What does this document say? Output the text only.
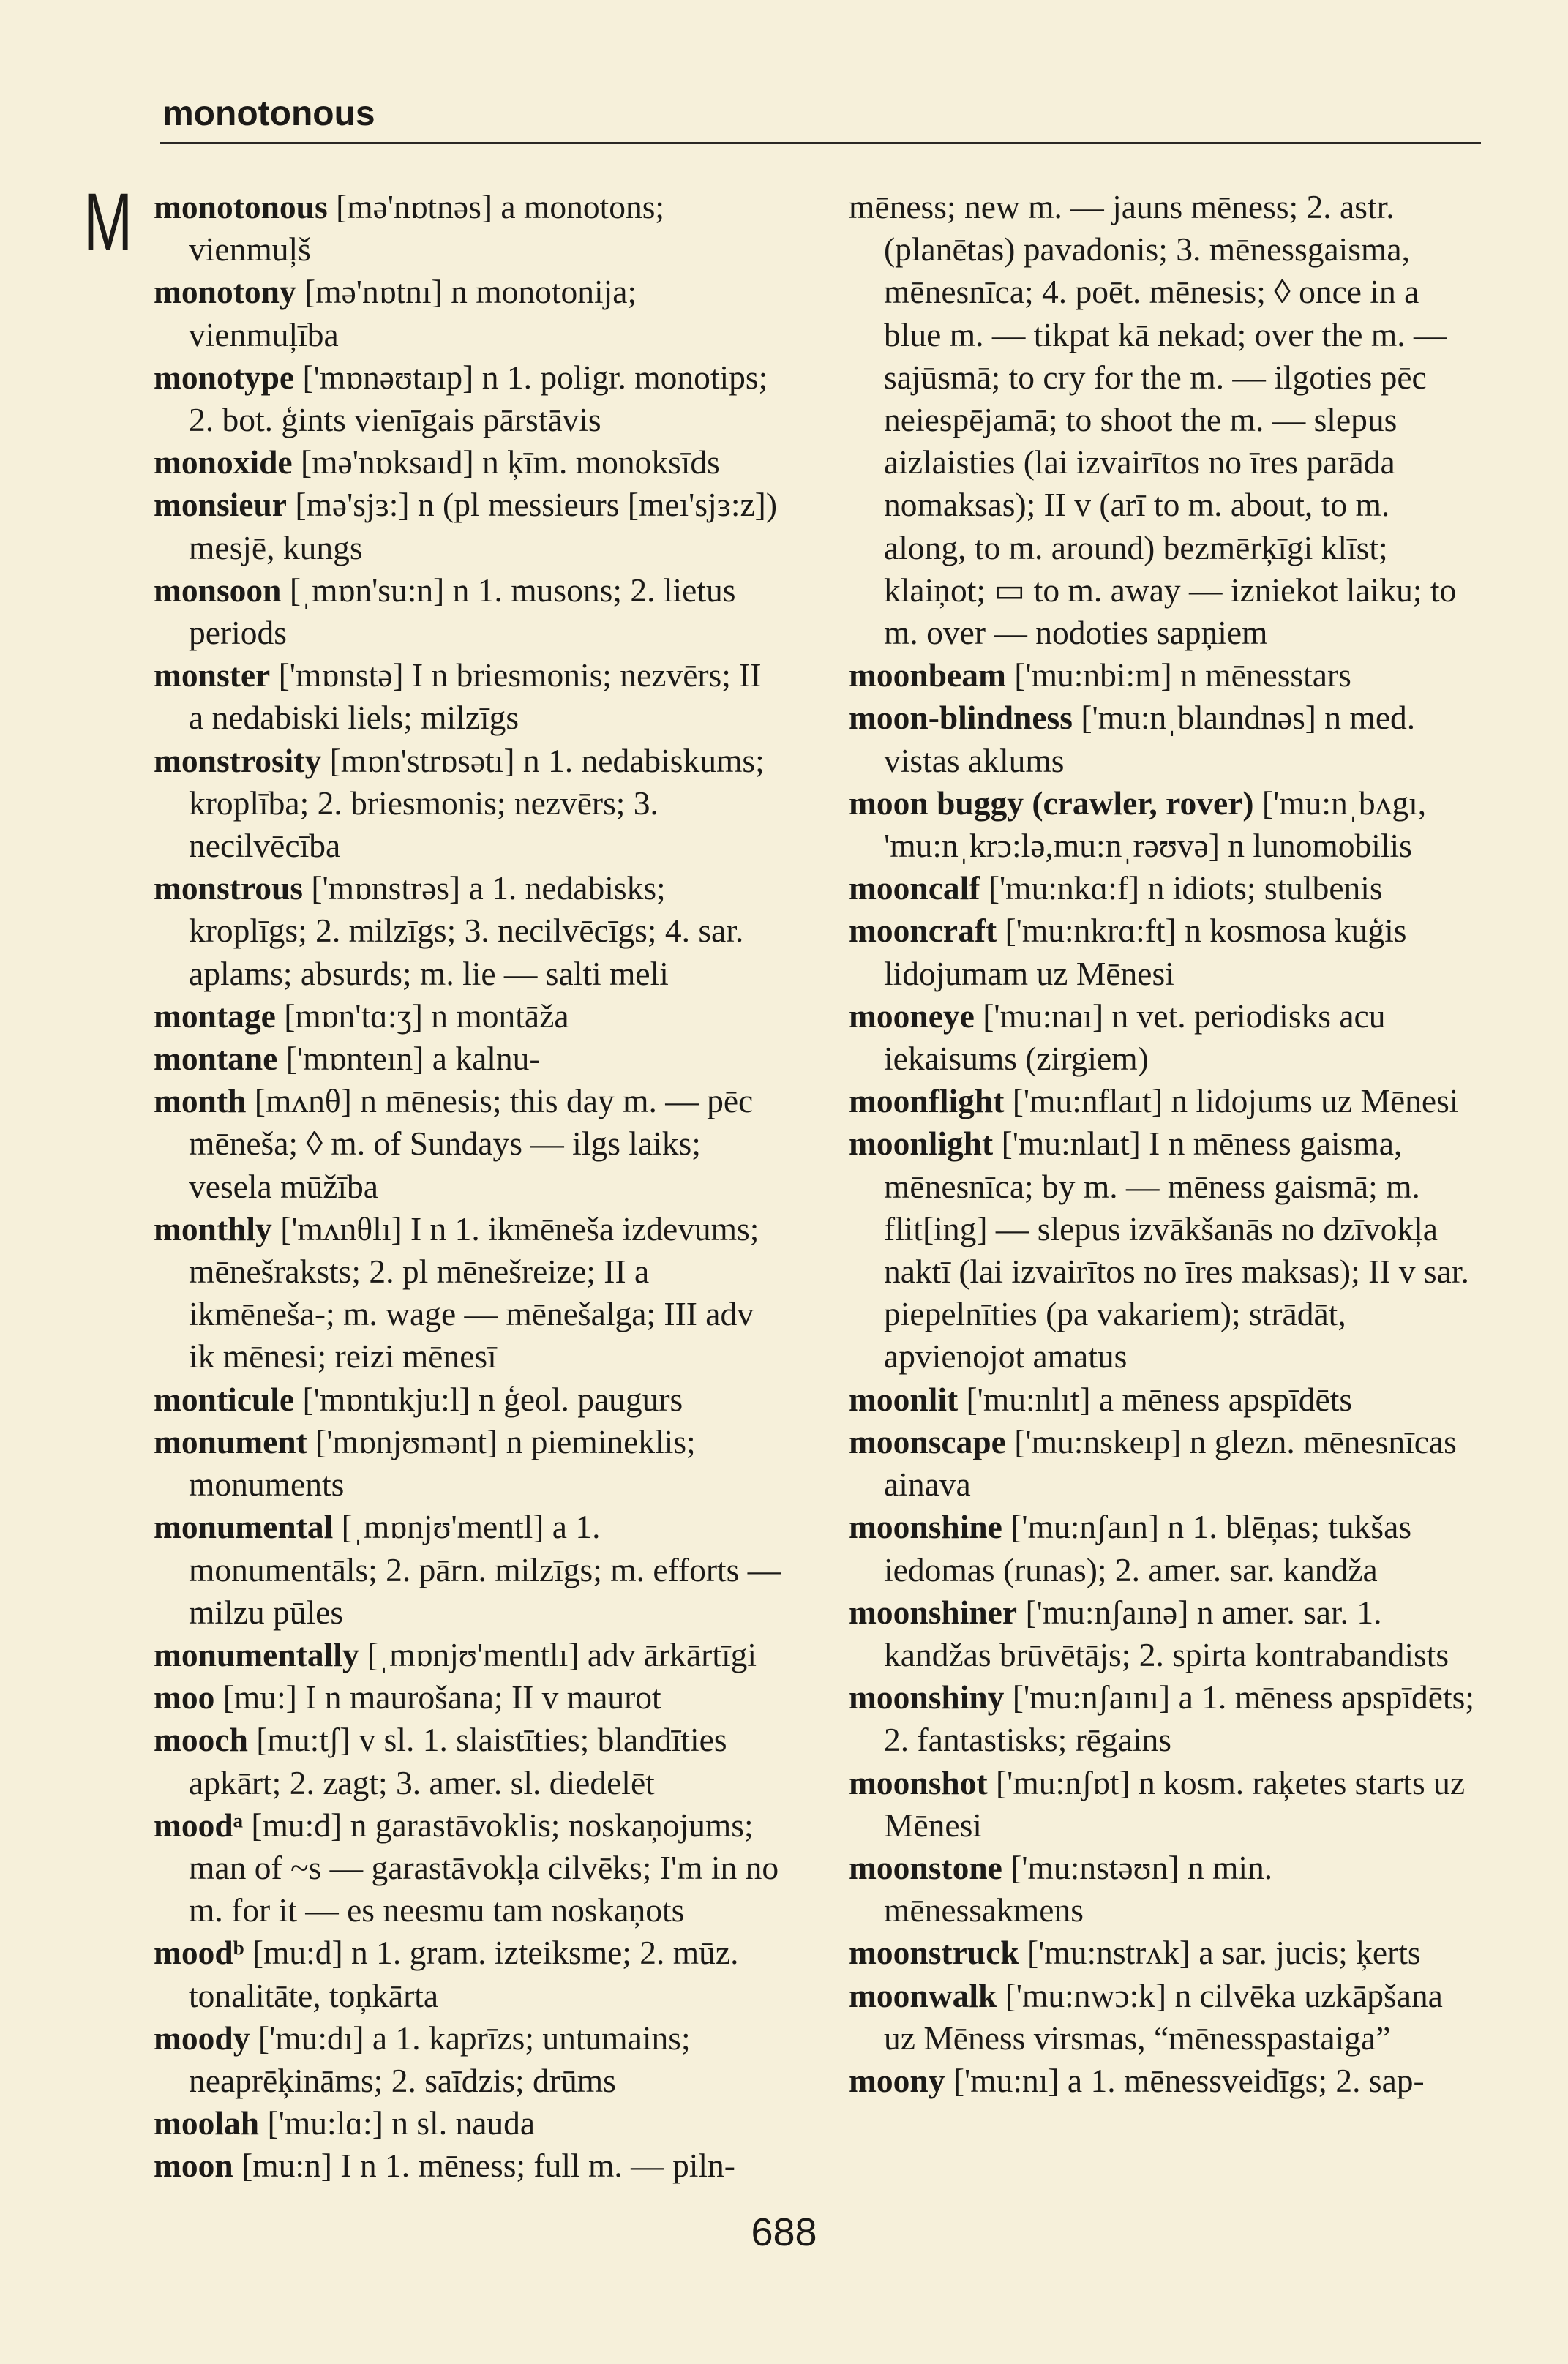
monotonous
M monotonous [mə'nɒtnəs] a monotons; vienmuļš

monotony [mə'nɒtnı] n monotonija; vienmuļība

monotype ['mɒnəʊtaıp] n 1. poligr. monotips; 2. bot. ģints vienīgais pārstāvis

monoxide [mə'nɒksaıd] n ķīm. monoksīds

monsieur [mə'sjɜ:] n (pl messieurs [meı'sjɜ:z]) mesjē, kungs

monsoon [ˌmɒn'su:n] n 1. musons; 2. lietus periods

monster ['mɒnstə] I n briesmonis; nezvērs; II a nedabiski liels; milzīgs

monstrosity [mɒn'strɒsətı] n 1. nedabiskums; kroplība; 2. briesmonis; nezvērs; 3. necilvēcība

monstrous ['mɒnstrəs] a 1. nedabisks; kroplīgs; 2. milzīgs; 3. necilvēcīgs; 4. sar. aplams; absurds; m. lie — salti meli

montage [mɒn'tɑ:ʒ] n montāža

montane ['mɒnteın] a kalnu-

month [mʌnθ] n mēnesis; this day m. — pēc mēneša; ◊ m. of Sundays — ilgs laiks; vesela mūžība

monthly ['mʌnθlı] I n 1. ikmēneša izdevums; mēnešraksts; 2. pl mēnešreize; II a ikmēneša-; m. wage — mēnešalga; III adv ik mēnesi; reizi mēnesī

monticule ['mɒntıkju:l] n ģeol. paugurs

monument ['mɒnjʊmənt] n piemineklis; monuments

monumental [ˌmɒnjʊ'mentl] a 1. monumentāls; 2. pārn. milzīgs; m. efforts — milzu pūles

monumentally [ˌmɒnjʊ'mentlı] adv ārkārtīgi

moo [mu:] I n maurošana; II v maurot

mooch [mu:tʃ] v sl. 1. slaistīties; blandīties apkārt; 2. zagt; 3. amer. sl. diedelēt

moodᵃ [mu:d] n garastāvoklis; noskaņojums; man of ~s — garastāvokļa cilvēks; I'm in no m. for it — es neesmu tam noskaņots

moodᵇ [mu:d] n 1. gram. izteiksme; 2. mūz. tonalitāte, toņkārta

moody ['mu:dı] a 1. kaprīzs; untumains; neaprēķināms; 2. saīdzis; drūms

moolah ['mu:lɑ:] n sl. nauda

moon [mu:n] I n 1. mēness; full m. — piln-

mēness; new m. — jauns mēness; 2. astr. (planētas) pavadonis; 3. mēnessgaisma, mēnesnīca; 4. poēt. mēnesis; ◊ once in a blue m. — tikpat kā nekad; over the m. — sajūsmā; to cry for the m. — ilgoties pēc neiespējamā; to shoot the m. — slepus aizlaisties (lai izvairītos no īres parāda nomaksas); II v (arī to m. about, to m. along, to m. around) bezmērķīgi klīst; klaiņot; ▭ to m. away — izniekot laiku; to m. over — nodoties sapņiem

moonbeam ['mu:nbi:m] n mēnesstars

moon-blindness ['mu:nˌblaındnəs] n med. vistas aklums

moon buggy (crawler, rover) ['mu:nˌbʌgı, 'mu:nˌkrɔ:lə,mu:nˌrəʊvə] n lunomobilis

mooncalf ['mu:nkɑ:f] n idiots; stulbenis

mooncraft ['mu:nkrɑ:ft] n kosmosa kuģis lidojumam uz Mēnesi

mooneye ['mu:naı] n vet. periodisks acu iekaisums (zirgiem)

moonflight ['mu:nflaıt] n lidojums uz Mēnesi

moonlight ['mu:nlaıt] I n mēness gaisma, mēnesnīca; by m. — mēness gaismā; m. flit[ing] — slepus izvākšanās no dzīvokļa naktī (lai izvairītos no īres maksas); II v sar. piepelnīties (pa vakariem); strādāt, apvienojot amatus

moonlit ['mu:nlıt] a mēness apspīdēts

moonscape ['mu:nskeıp] n glezn. mēnesnīcas ainava

moonshine ['mu:nʃaın] n 1. blēņas; tukšas iedomas (runas); 2. amer. sar. kandža

moonshiner ['mu:nʃaınə] n amer. sar. 1. kandžas brūvētājs; 2. spirta kontrabandists

moonshiny ['mu:nʃaını] a 1. mēness apspīdēts; 2. fantastisks; rēgains

moonshot ['mu:nʃɒt] n kosm. raķetes starts uz Mēnesi

moonstone ['mu:nstəʊn] n min. mēnessakmens

moonstruck ['mu:nstrʌk] a sar. jucis; ķerts

moonwalk ['mu:nwɔ:k] n cilvēka uzkāpšana uz Mēness virsmas, “mēnesspastaiga”

moony ['mu:nı] a 1. mēnessveidīgs; 2. sap-

688
